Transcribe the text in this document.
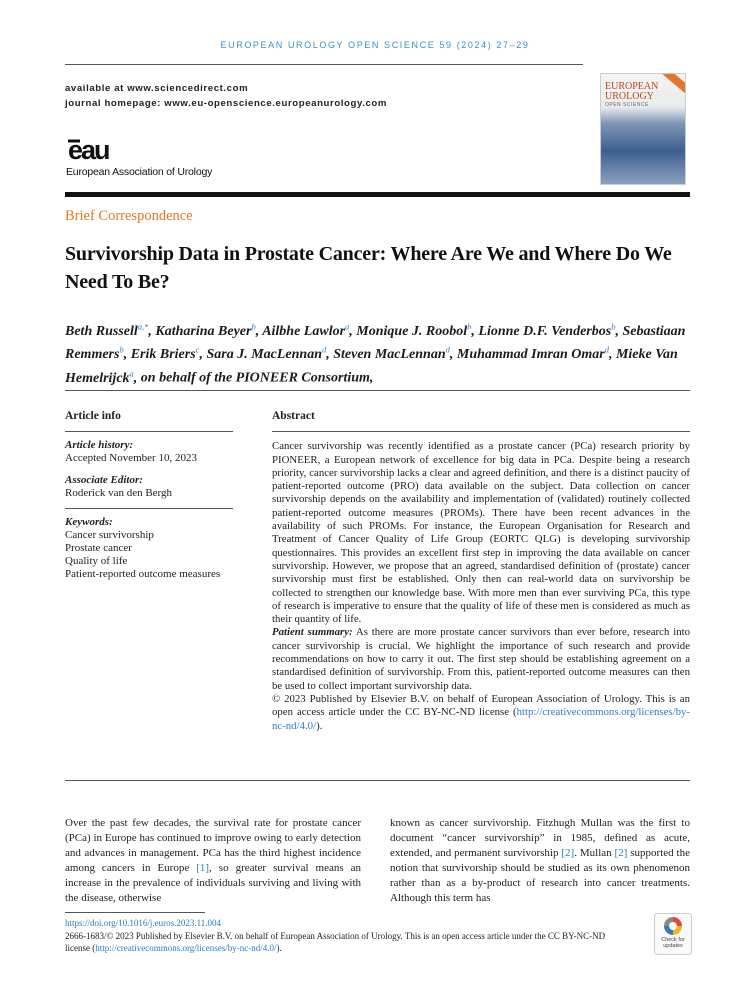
EUROPEAN UROLOGY OPEN SCIENCE 59 (2024) 27–29
available at www.sciencedirect.com
journal homepage: www.eu-openscience.europeanurology.com
eau
European Association of Urology
EUROPEAN UROLOGY
OPEN SCIENCE
Brief Correspondence
Survivorship Data in Prostate Cancer: Where Are We and Where Do We Need To Be?
Beth Russell$^{a,*}$, Katharina Beyer$^b$, Ailbhe Lawlor$^a$, Monique J. Roobol$^b$, Lionne D.F. Venderbos$^b$, Sebastiaan Remmers$^b$, Erik Briers$^c$, Sara J. MacLennan$^d$, Steven MacLennan$^d$, Muhammad Imran Omar$^d$, Mieke Van Hemelrijck$^a$, on behalf of the PIONEER Consortium,
Article info
Article history:
Accepted November 10, 2023
Associate Editor:
Roderick van den Bergh
Keywords:
Cancer survivorship
Prostate cancer
Quality of life
Patient-reported outcome measures
Abstract

Cancer survivorship was recently identified as a prostate cancer (PCa) research priority by PIONEER, a European network of excellence for big data in PCa. Despite being a research priority, cancer survivorship lacks a clear and agreed definition, and there is a distinct paucity of patient-reported outcome (PRO) data available on the subject. Data collection on cancer survivorship depends on the availability and implementation of (validated) routinely collected patient-reported outcome measures (PROMs). There have been recent advances in the availability of such PROMs. For instance, the European Organisation for Research and Treatment of Cancer Quality of Life Group (EORTC QLG) is developing survivorship questionnaires. This provides an excellent first step in improving the data available on cancer survivorship. However, we propose that an agreed, standardised definition of (prostate) cancer survivorship must first be established. Only then can real-world data on survivorship be collected to strengthen our knowledge base. With more men than ever surviving PCa, this type of research is imperative to ensure that the quality of life of these men is considered as much as their quantity of life.

Patient summary: As there are more prostate cancer survivors than ever before, research into cancer survivorship is crucial. We highlight the importance of such research and provide recommendations on how to carry it out. The first step should be establishing agreement on a standardised definition of survivorship. From this, patient-reported outcome measures can then be used to collect important survivorship data.

© 2023 Published by Elsevier B.V. on behalf of European Association of Urology. This is an open access article under the CC BY-NC-ND license (http://creativecommons.org/licenses/by-nc-nd/4.0/).

Over the past few decades, the survival rate for prostate cancer (PCa) in Europe has continued to improve owing to early detection and advances in management. PCa has the third highest incidence among cancers in Europe [1], so greater survival means an increase in the prevalence of individuals surviving and living with the disease, otherwise
known as cancer survivorship. Fitzhugh Mullan was the first to document “cancer survivorship” in 1985, defined as acute, extended, and permanent survivorship [2]. Mullan [2] supported the notion that survivorship should be studied as its own phenomenon rather than as a by-product of research into cancer treatments. Although this term has
https://doi.org/10.1016/j.euros.2023.11.004
2666-1683/© 2023 Published by Elsevier B.V. on behalf of European Association of Urology. This is an open access article under the CC BY-NC-ND license (http://creativecommons.org/licenses/by-nc-nd/4.0/).
Check for updates
